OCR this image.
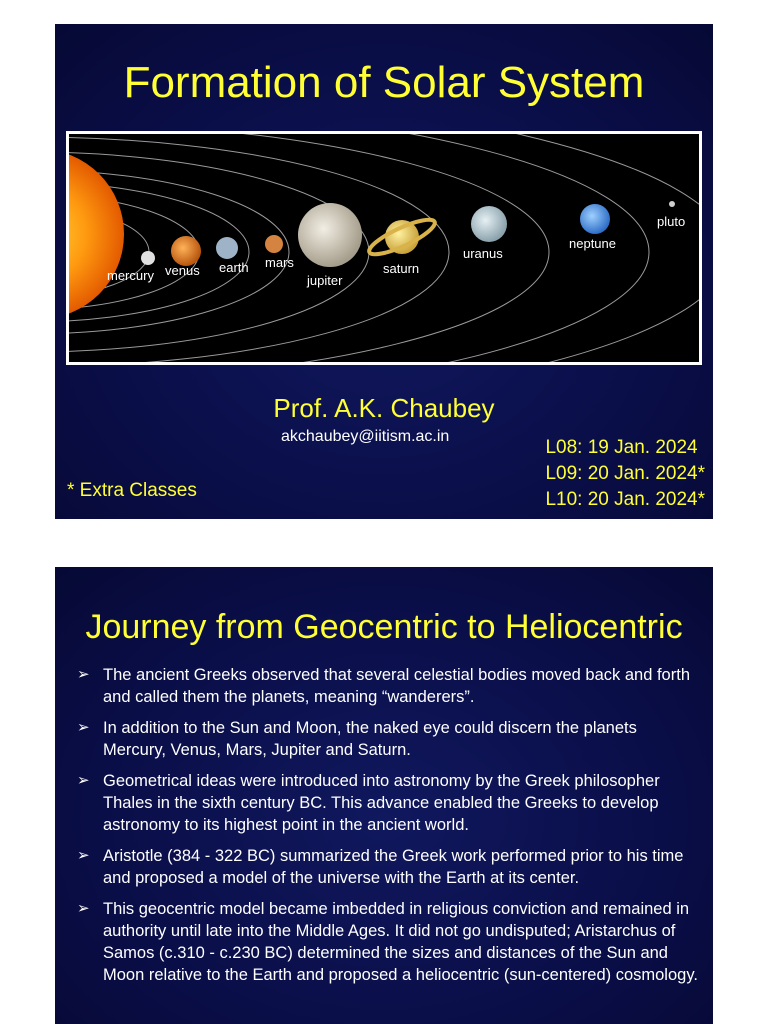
Formation of Solar System
mercury venus earth mars
jupiter
saturn
uranus
neptune
pluto
Prof. A.K. Chaubey
akchaubey@iitism.ac.in
L08: 19 Jan. 2024
L09: 20 Jan. 2024*
L10: 20 Jan. 2024*
* Extra Classes
Journey from Geocentric to Heliocentric
➢ The ancient Greeks observed that several celestial bodies moved back and forth and called them the planets, meaning “wanderers”.
➢ In addition to the Sun and Moon, the naked eye could discern the planets Mercury, Venus, Mars, Jupiter and Saturn.
➢ Geometrical ideas were introduced into astronomy by the Greek philosopher Thales in the sixth century BC. This advance enabled the Greeks to develop astronomy to its highest point in the ancient world.
➢ Aristotle (384 - 322 BC) summarized the Greek work performed prior to his time and proposed a model of the universe with the Earth at its center.
➢ This geocentric model became imbedded in religious conviction and remained in authority until late into the Middle Ages. It did not go undisputed; Aristarchus of Samos (c.310 - c.230 BC) determined the sizes and distances of the Sun and Moon relative to the Earth and proposed a heliocentric (sun-centered) cosmology.
